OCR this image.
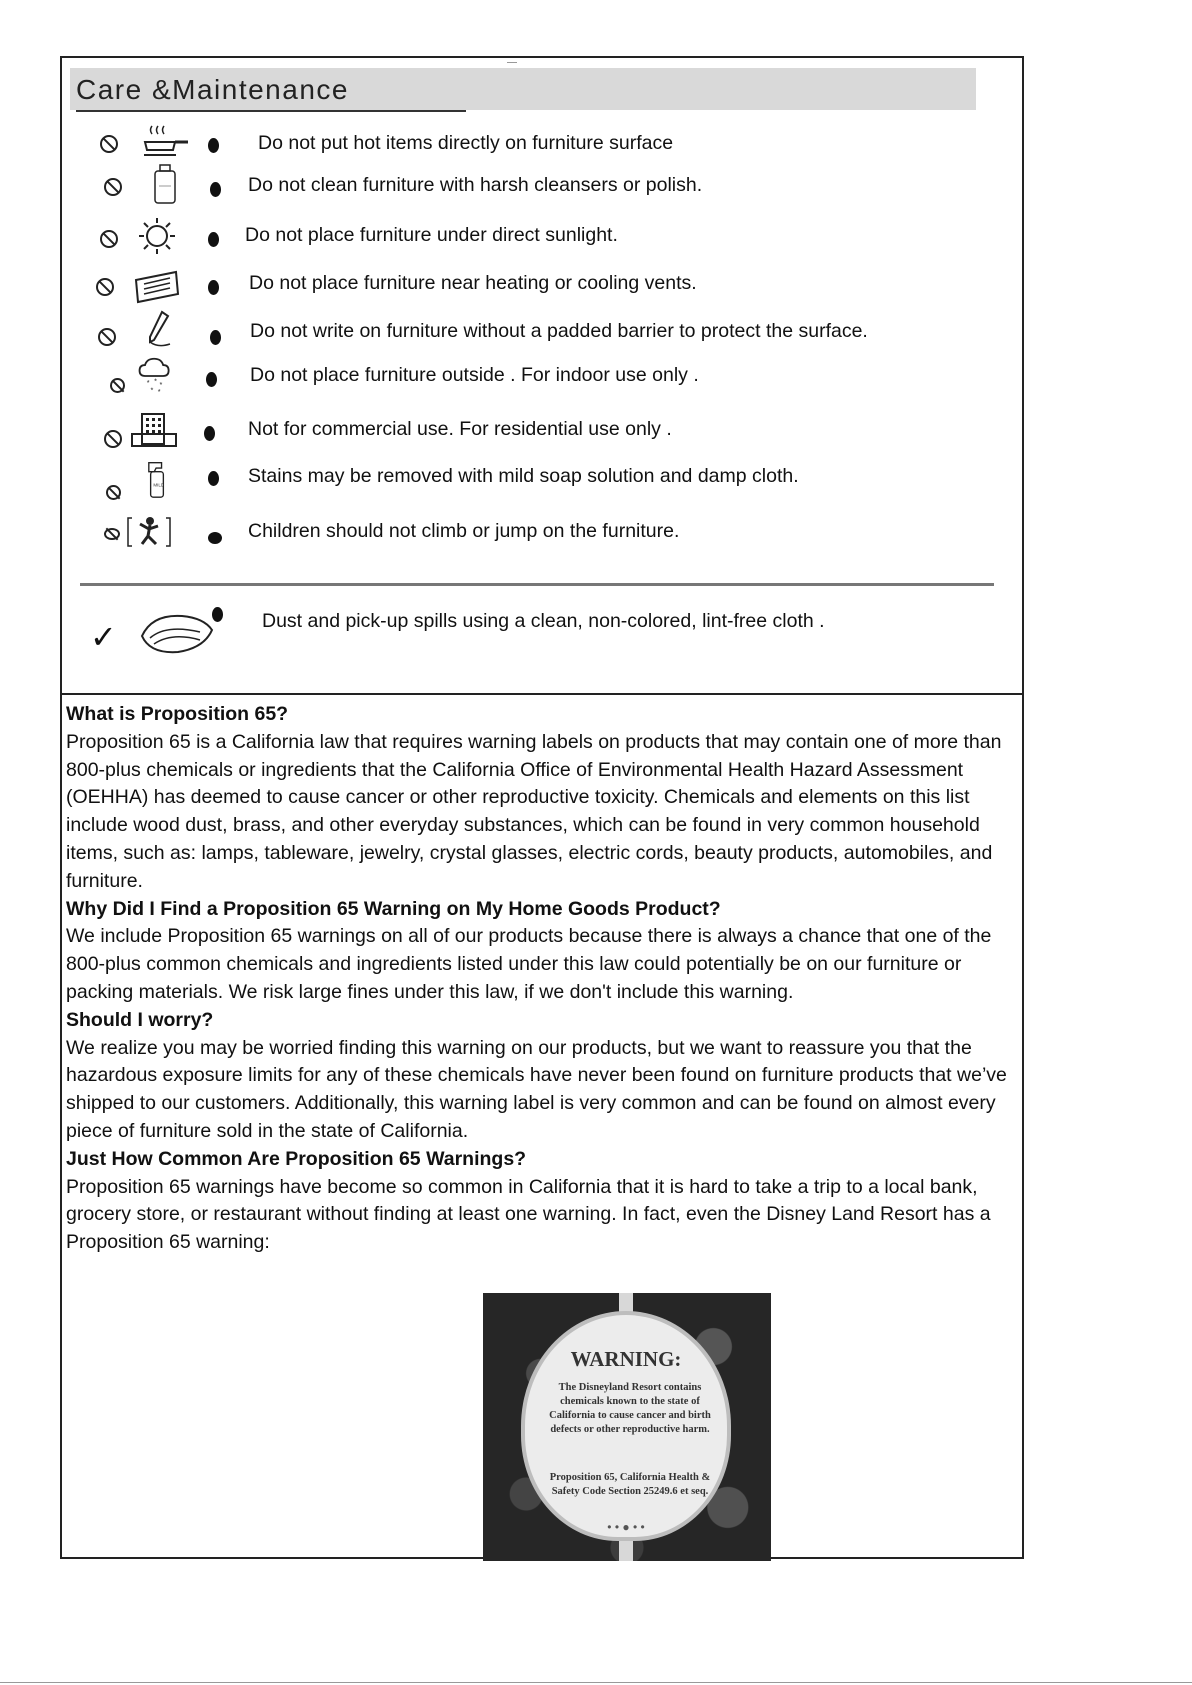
Care &Maintenance
Do not put hot items directly on furniture surface
Do not clean furniture with harsh cleansers or polish.
Do not place furniture under direct sunlight.
Do not place furniture near heating or cooling vents.
Do not write on furniture without a padded barrier to protect the surface.
* * *
* *
Do not place furniture outside . For indoor use only .
Not for commercial use. For residential use only .
MILD	Stains may be removed with mild soap solution and damp cloth.
Children should not climb or jump on the furniture.
✓	Dust and pick-up spills using a clean, non-colored, lint-free cloth .
What is Proposition 65?
Proposition 65 is a California law that requires warning labels on products that may contain one of more than 800-plus chemicals or ingredients that the California Office of Environmental Health Hazard Assessment (OEHHA) has deemed to cause cancer or other reproductive toxicity. Chemicals and elements on this list include wood dust, brass, and other everyday substances, which can be found in very common household items, such as: lamps, tableware, jewelry, crystal glasses, electric cords, beauty products, automobiles, and furniture.
Why Did I Find a Proposition 65 Warning on My Home Goods Product?
We include Proposition 65 warnings on all of our products because there is always a chance that one of the 800-plus common chemicals and ingredients listed under this law could potentially be on our furniture or packing materials. We risk large fines under this law, if we don't include this warning.
Should I worry?
We realize you may be worried finding this warning on our products, but we want to reassure you that the hazardous exposure limits for any of these chemicals have never been found on furniture products that we’ve shipped to our customers. Additionally, this warning label is very common and can be found on almost every piece of furniture sold in the state of California.
Just How Common Are Proposition 65 Warnings?
Proposition 65 warnings have become so common in California that it is hard to take a trip to a local bank, grocery store, or restaurant without finding at least one warning. In fact, even the Disney Land Resort has a Proposition 65 warning:
WARNING:
The Disneyland Resort contains chemicals known to the state of California to cause cancer and birth defects or other reproductive harm.
Proposition 65, California Health & Safety Code Section 25249.6 et seq.
• • ● • •
